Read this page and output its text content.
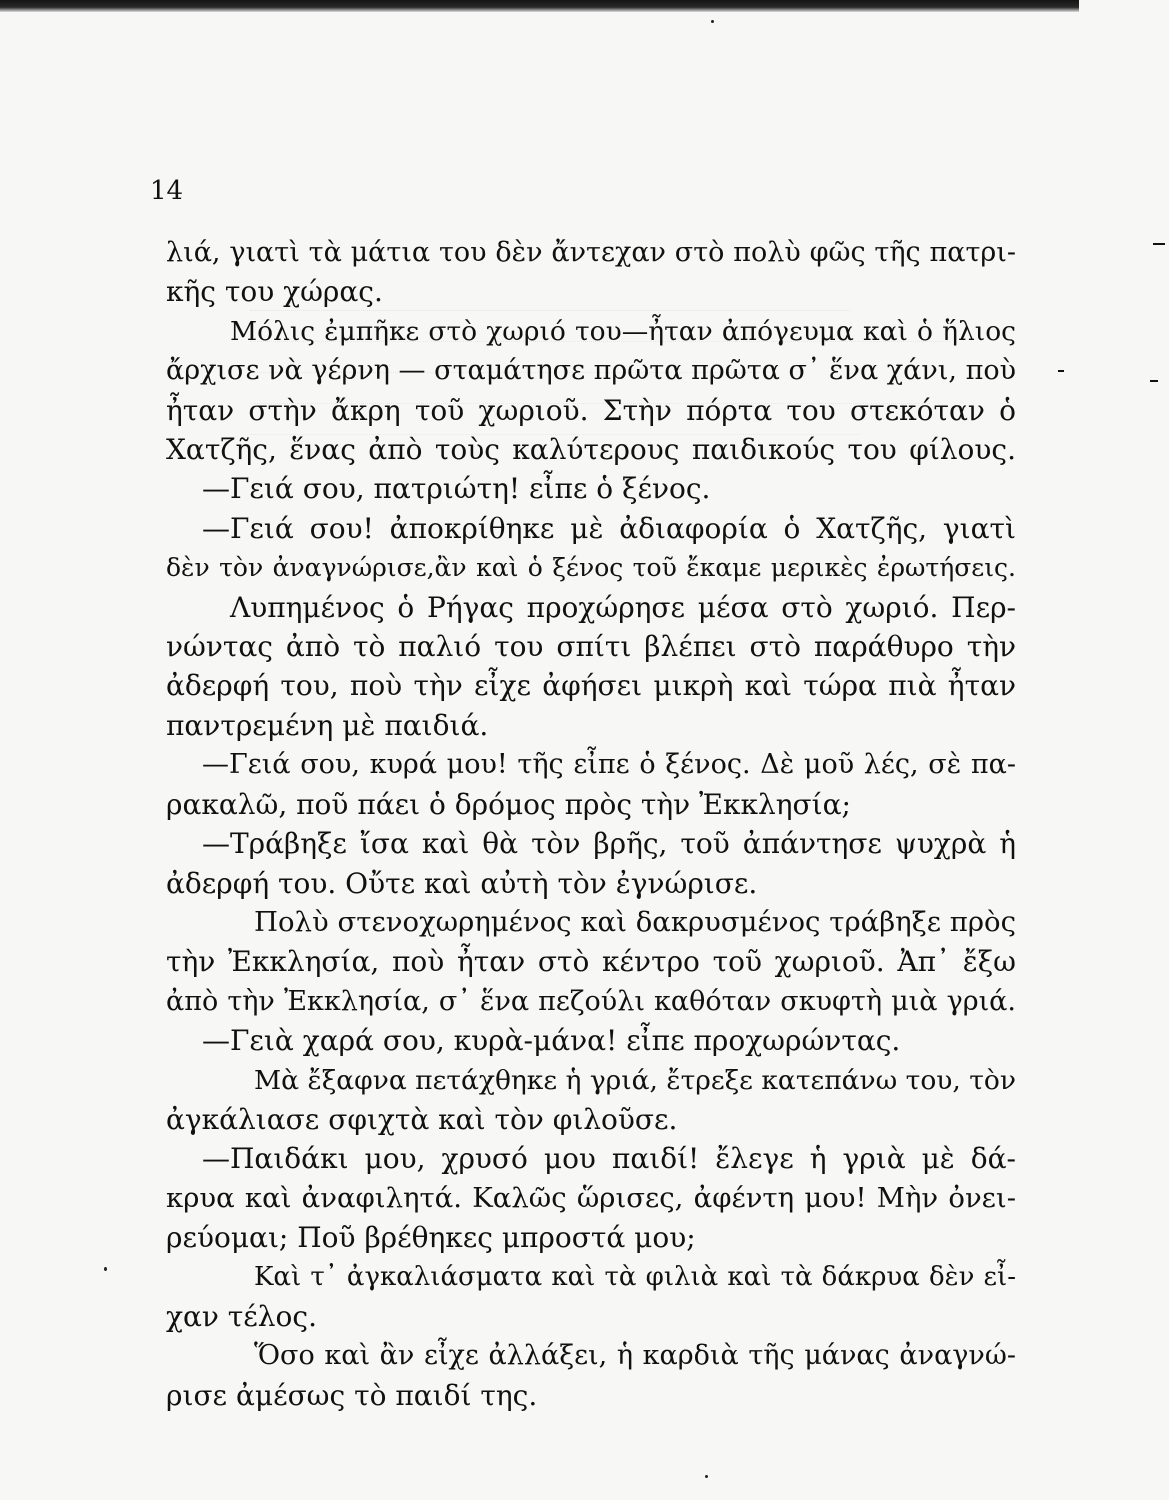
14
λιά, γιατὶ τὰ μάτια του δὲν ἄντεχαν στὸ πολὺ φῶς τῆς πατρι-
κῆς του χώρας.
Μόλις ἐμπῆκε στὸ χωριό του—ἦταν ἀπόγευμα καὶ ὁ ἥλιος
ἄρχισε νὰ γέρνη — σταμάτησε πρῶτα πρῶτα σ᾿ ἕνα χάνι, ποὺ
ἦταν στὴν ἄκρη τοῦ χωριοῦ. Στὴν πόρτα του στεκόταν ὁ
Χατζῆς, ἕνας ἀπὸ τοὺς καλύτερους παιδικούς του φίλους.
—Γειά σου, πατριώτη! εἶπε ὁ ξένος.
—Γειά σου! ἀποκρίθηκε μὲ ἀδιαφορία ὁ Χατζῆς, γιατὶ
δὲν τὸν ἀναγνώρισε,ἂν καὶ ὁ ξένος τοῦ ἔκαμε μερικὲς ἐρωτήσεις.
Λυπημένος ὁ Ρήγας προχώρησε μέσα στὸ χωριό. Περ-
νώντας ἀπὸ τὸ παλιό του σπίτι βλέπει στὸ παράθυρο τὴν
ἀδερφή του, ποὺ τὴν εἶχε ἀφήσει μικρὴ καὶ τώρα πιὰ ἦταν
παντρεμένη μὲ παιδιά.
—Γειά σου, κυρά μου! τῆς εἶπε ὁ ξένος. Δὲ μοῦ λές, σὲ πα-
ρακαλῶ, ποῦ πάει ὁ δρόμος πρὸς τὴν Ἐκκλησία;
—Τράβηξε ἴσα καὶ θὰ τὸν βρῆς, τοῦ ἀπάντησε ψυχρὰ ἡ
ἀδερφή του. Οὔτε καὶ αὐτὴ τὸν ἐγνώρισε.
Πολὺ στενοχωρημένος καὶ δακρυσμένος τράβηξε πρὸς
τὴν Ἐκκλησία, ποὺ ἦταν στὸ κέντρο τοῦ χωριοῦ. Ἀπ᾿ ἔξω
ἀπὸ τὴν Ἐκκλησία, σ᾿ ἕνα πεζούλι καθόταν σκυφτὴ μιὰ γριά.
—Γειὰ χαρά σου, κυρὰ-μάνα! εἶπε προχωρώντας.
Μὰ ἔξαφνα πετάχθηκε ἡ γριά, ἔτρεξε κατεπάνω του, τὸν
ἀγκάλιασε σφιχτὰ καὶ τὸν φιλοῦσε.
—Παιδάκι μου, χρυσό μου παιδί! ἔλεγε ἡ γριὰ μὲ δά-
κρυα καὶ ἀναφιλητά. Καλῶς ὥρισες, ἀφέντη μου! Μὴν ὀνει-
ρεύομαι; Ποῦ βρέθηκες μπροστά μου;
Καὶ τ᾿ ἀγκαλιάσματα καὶ τὰ φιλιὰ καὶ τὰ δάκρυα δὲν εἶ-
χαν τέλος.
Ὅσο καὶ ἂν εἶχε ἀλλάξει, ἡ καρδιὰ τῆς μάνας ἀναγνώ-
ρισε ἀμέσως τὸ παιδί της.
